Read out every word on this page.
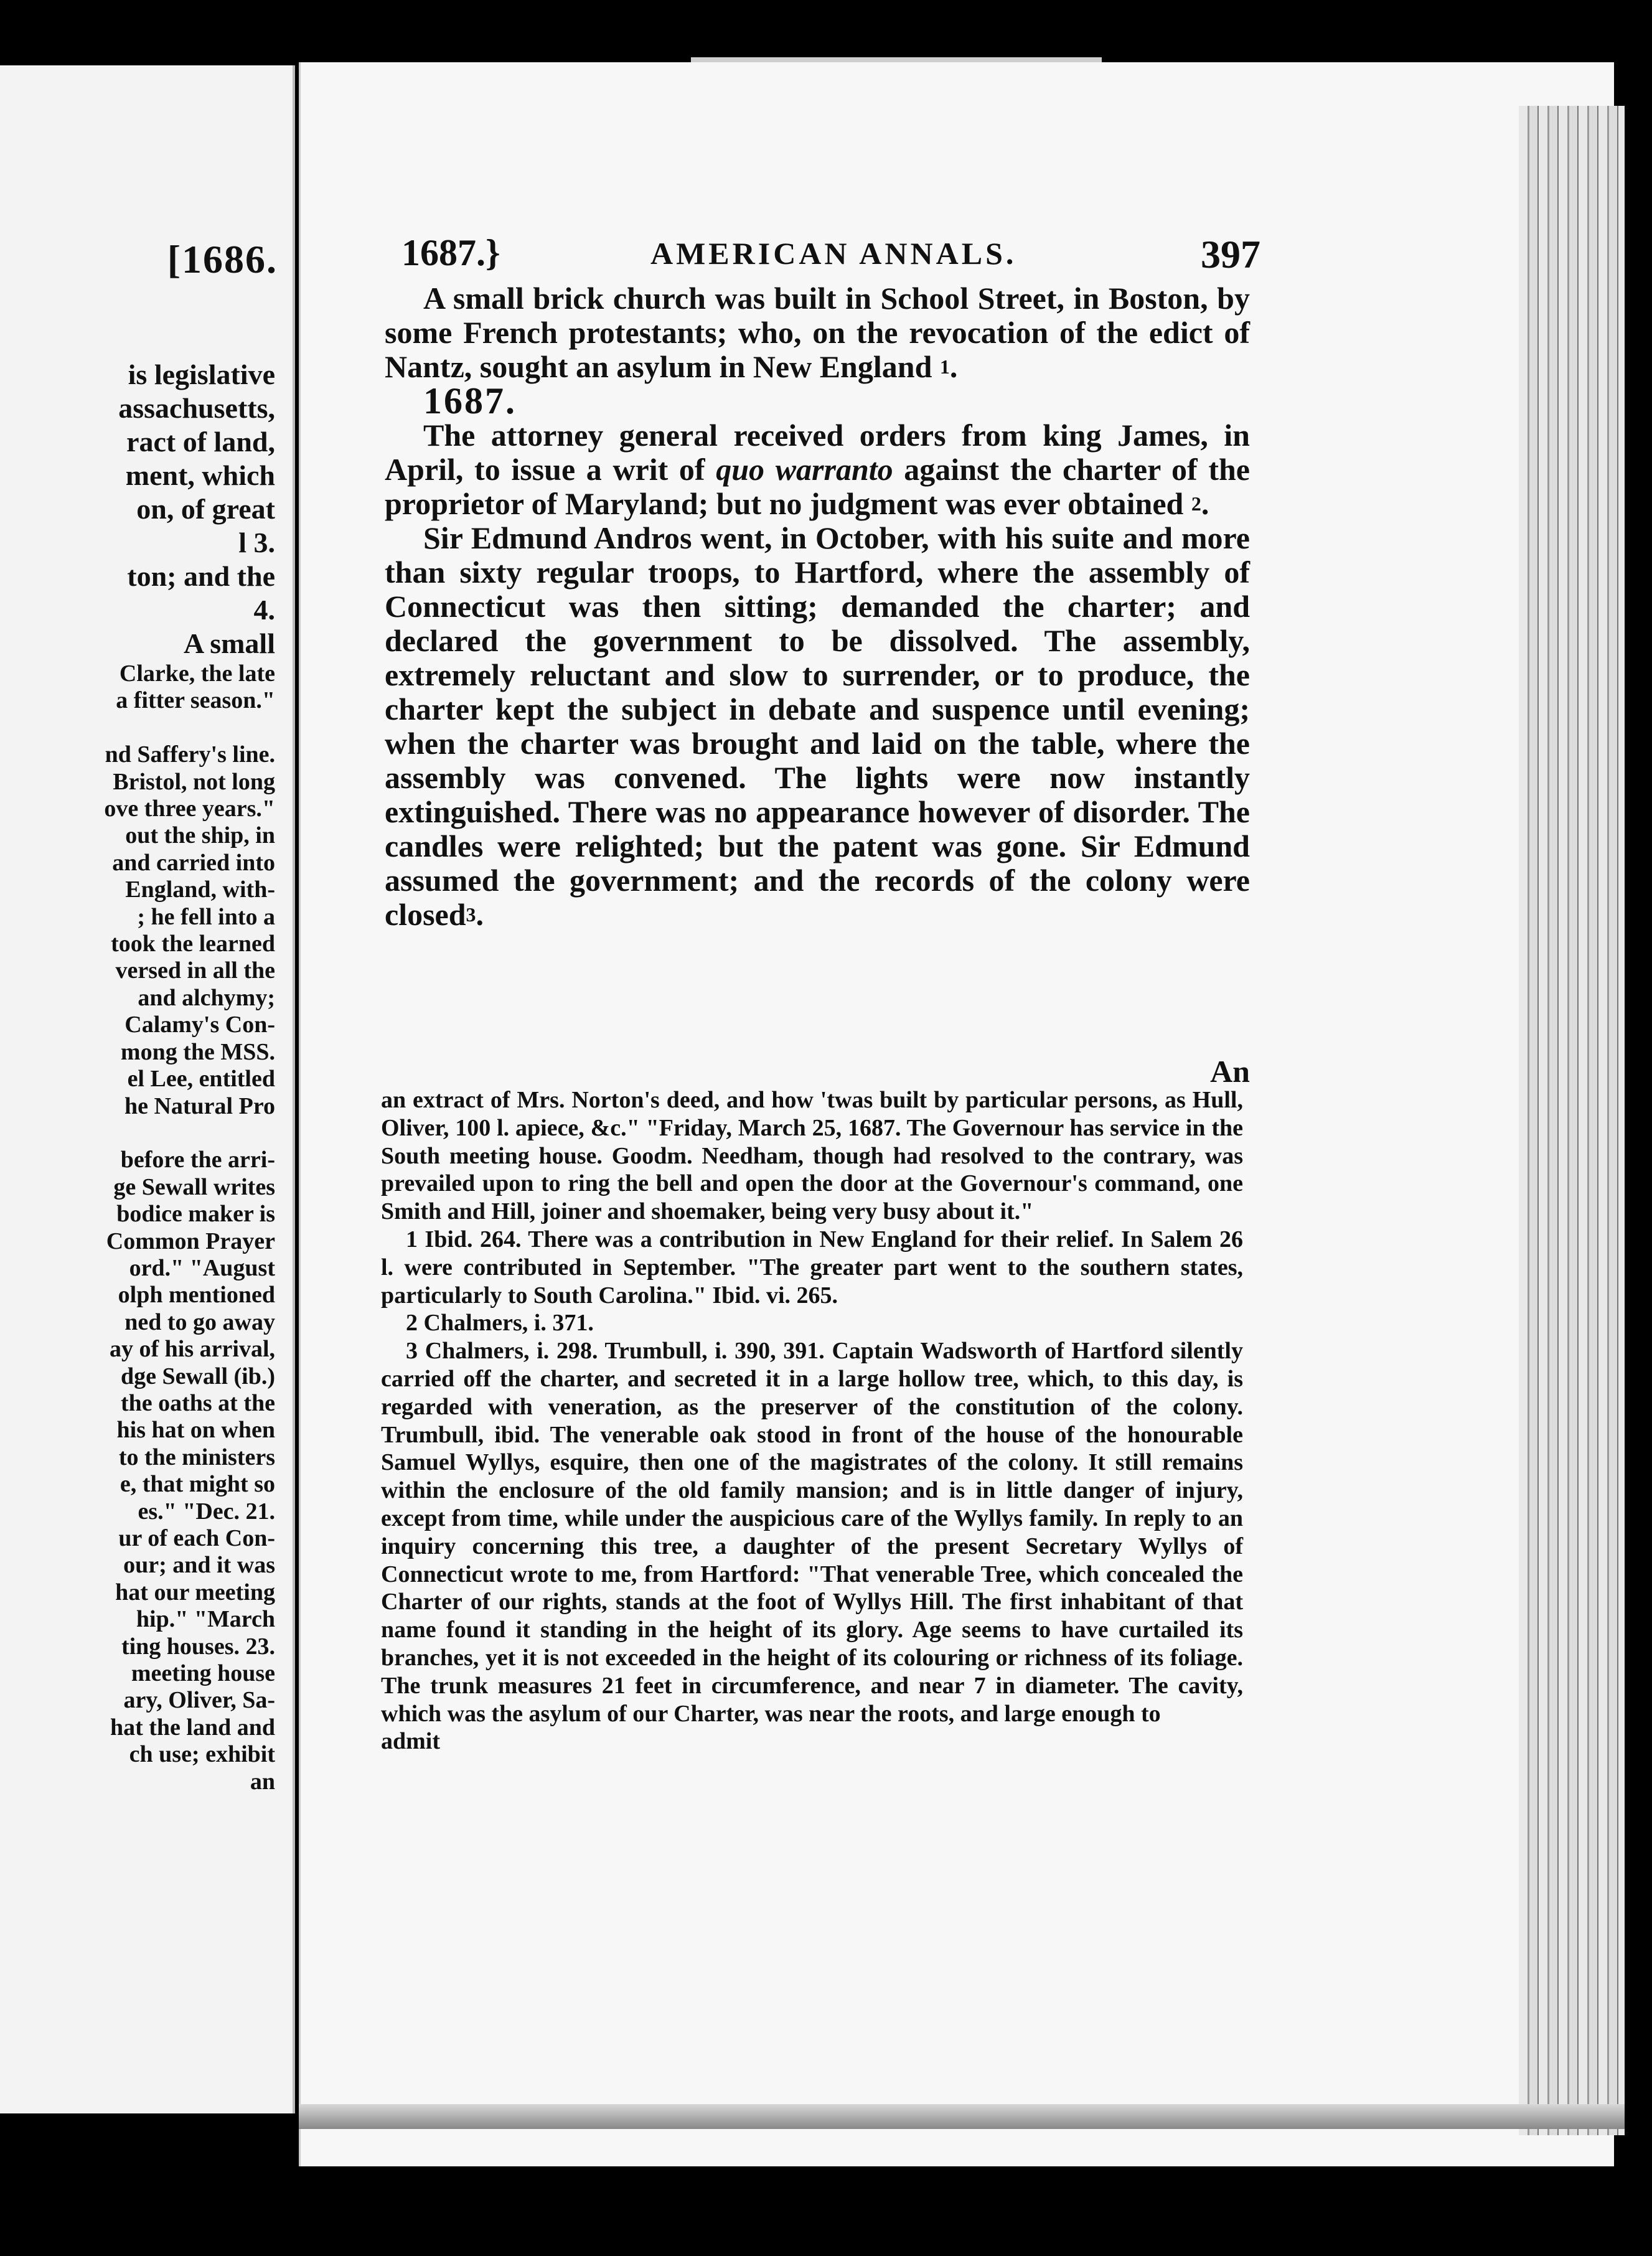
[1686.
is legislative
assachusetts,
ract of land,
ment, which
on, of great
l 3.
ton; and the
4.
A small
Clarke, the late
a fitter season."

nd Saffery's line.
Bristol, not long
ove three years."
out the ship, in
and carried into
England, with-
; he fell into a
took the learned
versed in all the
and alchymy;
Calamy's Con-
mong the MSS.
el Lee, entitled
he Natural Pro

before the arri-
ge Sewall writes
bodice maker is
Common Prayer
ord." "August
olph mentioned
ned to go away
ay of his arrival,
dge Sewall (ib.)
the oaths at the
his hat on when
to the ministers
e, that might so
es." "Dec. 21.
ur of each Con-
our; and it was
hat our meeting
hip." "March
ting houses. 23.
meeting house
ary, Oliver, Sa-
hat the land and
ch use; exhibit
an
1687.}	AMERICAN ANNALS.	397

A small brick church was built in School Street, in Boston, by some French protestants; who, on the revocation of the edict of Nantz, sought an asylum in New England $^1$.

1687.

The attorney general received orders from king James, in April, to issue a writ of quo warranto against the charter of the proprietor of Maryland; but no judgment was ever obtained $^2$.

Sir Edmund Andros went, in October, with his suite and more than sixty regular troops, to Hartford, where the assembly of Connecticut was then sitting; demanded the charter; and declared the government to be dissolved. The assembly, extremely reluctant and slow to surrender, or to produce, the charter kept the subject in debate and suspence until evening; when the charter was brought and laid on the table, where the assembly was convened. The lights were now instantly extinguished. There was no appearance however of disorder. The candles were relighted; but the patent was gone. Sir Edmund assumed the government; and the records of the colony were closed$^3$.

An

an extract of Mrs. Norton's deed, and how 'twas built by particular persons, as Hull, Oliver, 100 l. apiece, &c." "Friday, March 25, 1687. The Governour has service in the South meeting house. Goodm. Needham, though had resolved to the contrary, was prevailed upon to ring the bell and open the door at the Governour's command, one Smith and Hill, joiner and shoemaker, being very busy about it."

1 Ibid. 264. There was a contribution in New England for their relief. In Salem 26 l. were contributed in September. "The greater part went to the southern states, particularly to South Carolina." Ibid. vi. 265.

2 Chalmers, i. 371.

3 Chalmers, i. 298. Trumbull, i. 390, 391. Captain Wadsworth of Hartford silently carried off the charter, and secreted it in a large hollow tree, which, to this day, is regarded with veneration, as the preserver of the constitution of the colony. Trumbull, ibid. The venerable oak stood in front of the house of the honourable Samuel Wyllys, esquire, then one of the magistrates of the colony. It still remains within the enclosure of the old family mansion; and is in little danger of injury, except from time, while under the auspicious care of the Wyllys family. In reply to an inquiry concerning this tree, a daughter of the present Secretary Wyllys of Connecticut wrote to me, from Hartford: "That venerable Tree, which concealed the Charter of our rights, stands at the foot of Wyllys Hill. The first inhabitant of that name found it standing in the height of its glory. Age seems to have curtailed its branches, yet it is not exceeded in the height of its colouring or richness of its foliage. The trunk measures 21 feet in circumference, and near 7 in diameter. The cavity, which was the asylum of our Charter, was near the roots, and large enough to

admit
